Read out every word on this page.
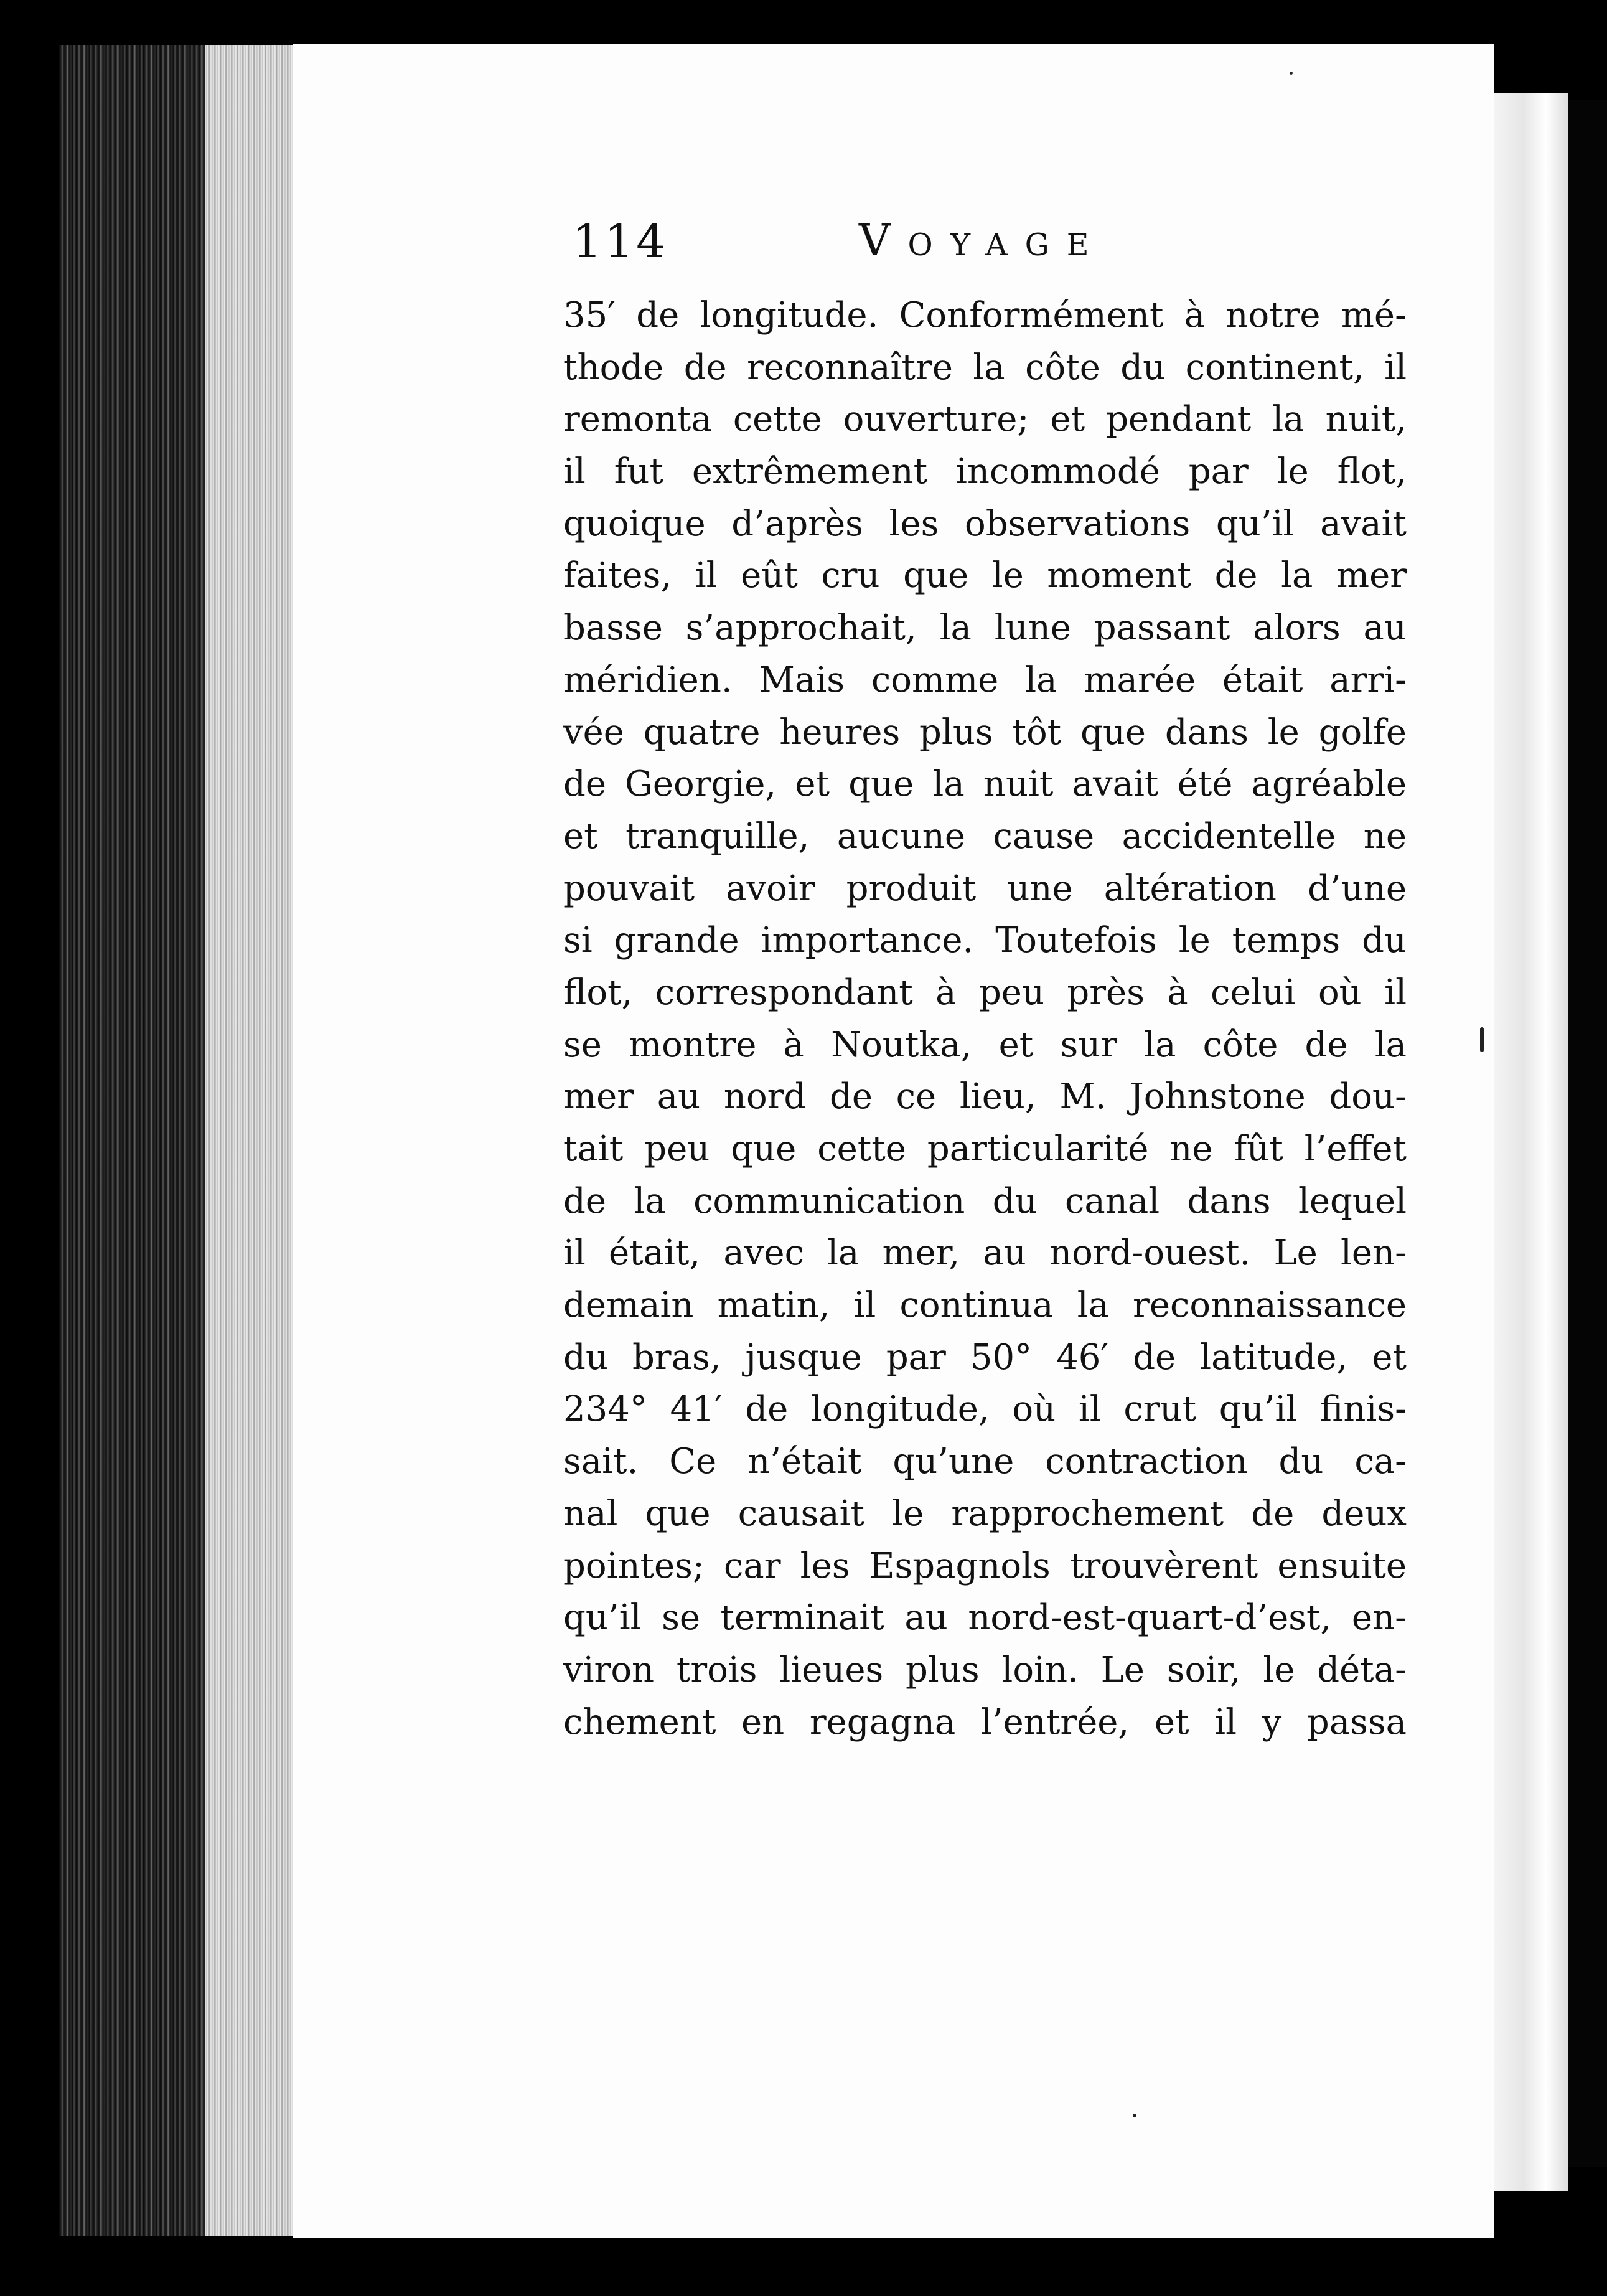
114	Voyage
35′ de longitude. Conformément à notre mé-
thode de reconnaître la côte du continent, il
remonta cette ouverture; et pendant la nuit,
il fut extrêmement incommodé par le flot,
quoique d’après les observations qu’il avait
faites, il eût cru que le moment de la mer
basse s’approchait, la lune passant alors au
méridien. Mais comme la marée était arri-
vée quatre heures plus tôt que dans le golfe
de Georgie, et que la nuit avait été agréable
et tranquille, aucune cause accidentelle ne
pouvait avoir produit une altération d’une
si grande importance. Toutefois le temps du
flot, correspondant à peu près à celui où il
se montre à Noutka, et sur la côte de la
mer au nord de ce lieu, M. Johnstone dou-
tait peu que cette particularité ne fût l’effet
de la communication du canal dans lequel
il était, avec la mer, au nord-ouest. Le len-
demain matin, il continua la reconnaissance
du bras, jusque par 50° 46′ de latitude, et
234° 41′ de longitude, où il crut qu’il finis-
sait. Ce n’était qu’une contraction du ca-
nal que causait le rapprochement de deux
pointes; car les Espagnols trouvèrent ensuite
qu’il se terminait au nord-est-quart-d’est, en-
viron trois lieues plus loin. Le soir, le déta-
chement en regagna l’entrée, et il y passa
